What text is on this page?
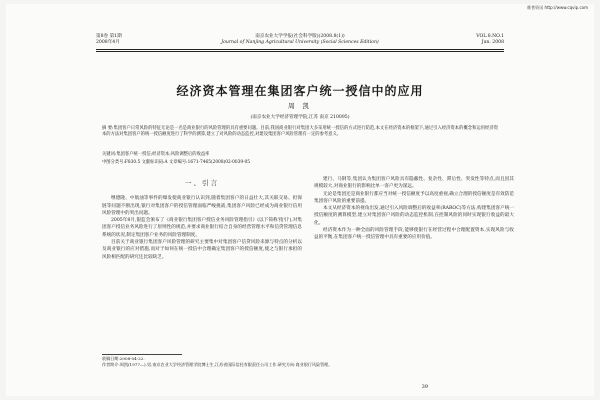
维普资讯 http://www.cqvip.com
第8卷 第1期
2008年4月
南京农业大学学报(社会科学版)(2008.8(1))
Journal of Nanjing Agricultural University (Social Sciences Edition)
VOL.8.NO.1
Jun. 2008
经济资本管理在集团客户统一授信中的应用
周 凯
(南京农业大学经济管理学院,江苏 南京 210095)
摘 要:集团客户日常风险的特征无论是一名是商业银行的风险管理的具有重要问题。目前,我国商业银行对集团大多采用统一授信的方式进行防范,本文在经济资本的框架下,通过引入经济资本的概念和运用经济资本的方法对集团客户的统一授信额度进行了科学的测算,建立了对风险的动态监控,对建设集团客户风险管理有一定的参考意义。
关键词:集团客户统一授信;经济资本;风险调整后的收益率
中图分类号:F830.5 文献标识码:A 文章编号:1671-7465(2008)02-0039-05
一、引言

继德隆、中航油等事件的爆发使商业银行认识到,随着集团客户的日益壮大,其关联交易、担保链等问题不断出现,银行对集团客户的授信管理面临严峻挑战,集团客户风险已经成为商业银行信用风险管理中的突出问题。

2005年8月,银监会颁布了《商业银行集团客户授信业务风险管理指引》(以下简称'指引'),对集团客户授信业务风险进行了原则性的规范,并要求商业银行结合自身的经营管理水平和信贷管理信息系统的状况,制定集团客户业务的风险管理制度。

目前关于商业银行集团客户风险管理的研究主要集中对集团客户信贷风险来源与特点的分析以及商业银行的应对措施,而对于如何在统一授信中合理确定集团客户的授信额度,使之与银行承担的风险相匹配的研究还比较缺乏。

建行、马钢等,集团认为集团客户风险具有隐蔽性、复杂性、滞后性、突发性等特点,而且因其规模较大,对商业银行的影响比单一客户更为深远。

无论是集团还是商业银行都应当对统一授信额度予以高度重视,确立合理的授信额度是有效防范集团客户风险的重要前提。

本文从经济资本的视角出发,通过引入风险调整后的收益率(RAROC)等方法,构建集团客户统一授信额度的测算模型,建立对集团客户风险的动态监控机制,在控制风险的同时实现银行收益的最大化。

经济资本作为一种全面的风险管理手段,能够使银行在经营过程中合理配置资本,实现风险与收益的平衡,在集团客户统一授信管理中具有重要的应用价值。

收稿日期:2008-04-22.
作者简介:周凯(1977—),男,南京农业大学经济管理学院博士生,江苏省国际信托有限责任公司工作,研究方向:商业银行风险管理。
39
